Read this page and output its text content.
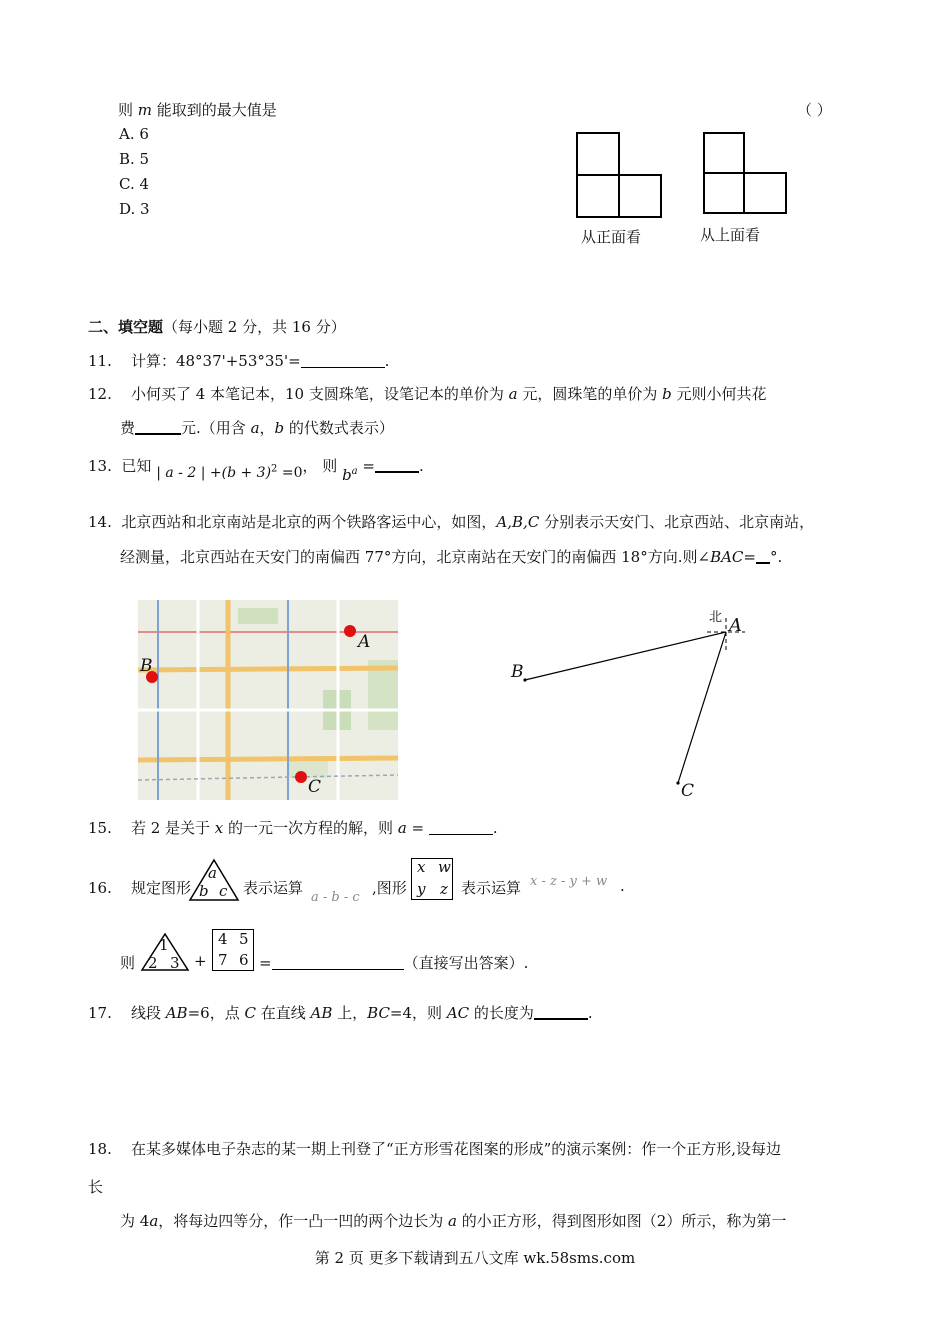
则 m 能取到的最大值是	（ ）
A. 6
B. 5
C. 4
D. 3
从正面看	从上面看
二、填空题（每小题 2 分，共 16 分）
11. 计算：48°37'+53°35'=	.
12. 小何买了 4 本笔记本，10 支圆珠笔，设笔记本的单价为 a 元，圆珠笔的单价为 b 元则小何共花
费	元.（用含 a，b 的代数式表示）
13. 已知 | a - 2 | $+(b + 3)^2 =0$， 则 $b^a$ =	.
14. 北京西站和北京南站是北京的两个铁路客运中心，如图，A,B,C 分别表示天安门、北京西站、北京南站，
经测量，北京西站在天安门的南偏西 77°方向，北京南站在天安门的南偏西 18°方向.则∠BAC= °.
A
B
C
北 A
B
C
15. 若 2 是关于 x 的一元一次方程的解，则 a =	.
16. 规定图形
a
b c 表示运算
a - b - c
,图形
x w
y z 表示运算 x - z - y + w .
则
1
2 3 +
4 5
7 6 =	（直接写出答案）.
17. 线段 AB=6，点 C 在直线 AB 上，BC=4，则 AC 的长度为	.
18. 在某多媒体电子杂志的某一期上刊登了“正方形雪花图案的形成”的演示案例：作一个正方形,设每边
长
为 4a，将每边四等分，作一凸一凹的两个边长为 a 的小正方形，得到图形如图（2）所示，称为第一
第 2 页 更多下载请到五八文库 wk.58sms.com
